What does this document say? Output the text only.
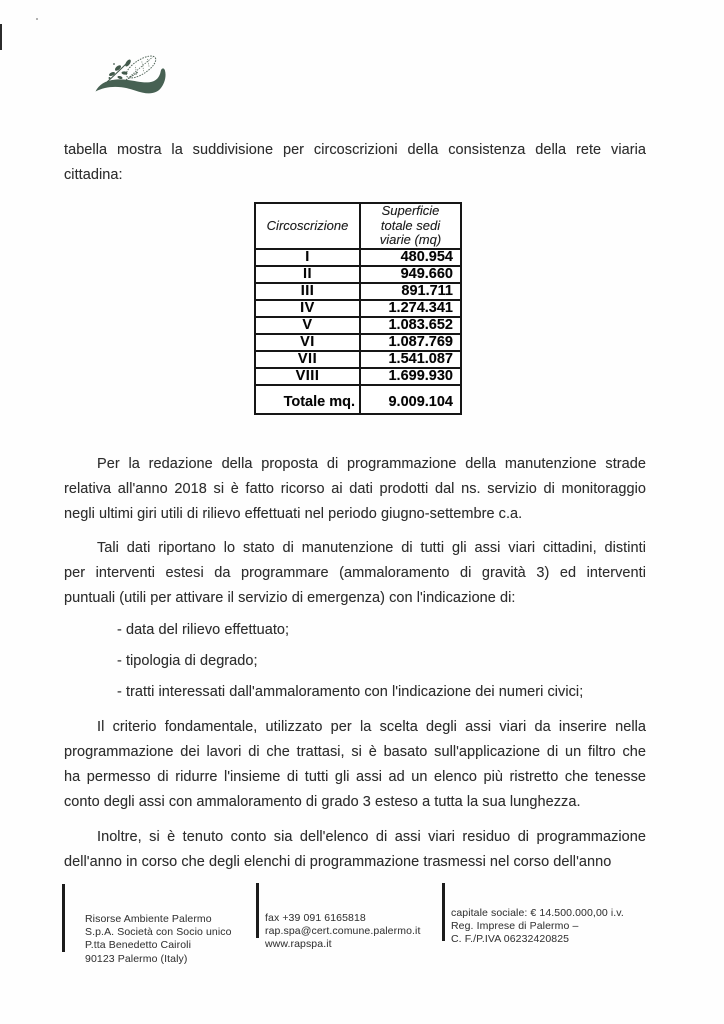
tabella mostra la suddivisione per circoscrizioni della consistenza della rete viaria
cittadina:
Circoscrizione	Superficie totale sedi viarie (mq)
I	480.954
II	949.660
III	891.711
IV	1.274.341
V	1.083.652
VI	1.087.769
VII	1.541.087
VIII	1.699.930
Totale mq.	9.009.104
Per la redazione della proposta di programmazione della manutenzione strade
relativa all'anno 2018 si è fatto ricorso ai dati prodotti dal ns. servizio di monitoraggio
negli ultimi giri utili di rilievo effettuati nel periodo giugno-settembre c.a.
Tali dati riportano lo stato di manutenzione di tutti gli assi viari cittadini, distinti
per interventi estesi da programmare (ammaloramento di gravità 3) ed interventi
puntuali (utili per attivare il servizio di emergenza) con l'indicazione di:
- data del rilievo effettuato;
- tipologia di degrado;
- tratti interessati dall'ammaloramento con l'indicazione dei numeri civici;
Il criterio fondamentale, utilizzato per la scelta degli assi viari da inserire nella
programmazione dei lavori di che trattasi, si è basato sull'applicazione di un filtro che
ha permesso di ridurre l'insieme di tutti gli assi ad un elenco più ristretto che tenesse
conto degli assi con ammaloramento di grado 3 esteso a tutta la sua lunghezza.
Inoltre, si è tenuto conto sia dell'elenco di assi viari residuo di programmazione
dell'anno in corso che degli elenchi di programmazione trasmessi nel corso dell'anno
Risorse Ambiente Palermo
S.p.A. Società con Socio unico
P.tta Benedetto Cairoli
90123 Palermo (Italy)
fax +39 091 6165818
rap.spa@cert.comune.palermo.it
www.rapspa.it
capitale sociale: € 14.500.000,00 i.v.
Reg. Imprese di Palermo –
C. F./P.IVA 06232420825
